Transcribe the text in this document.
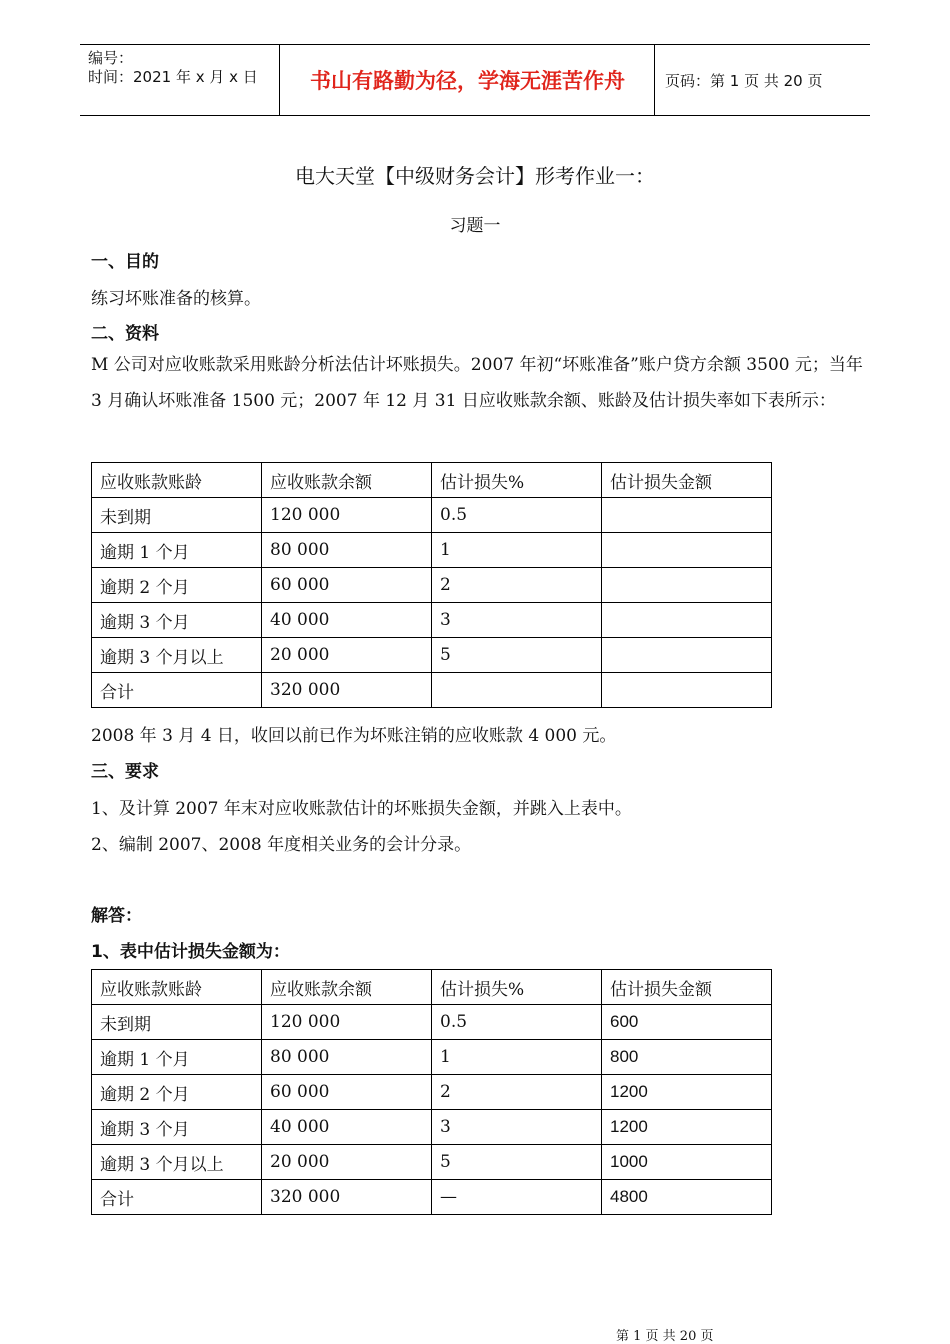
编号：
时间：2021 年 x 月 x 日	书山有路勤为径，学海无涯苦作舟	页码：第 1 页 共 20 页
电大天堂【中级财务会计】形考作业一：
习题一
一、目的
练习坏账准备的核算。
二、资料
M 公司对应收账款采用账龄分析法估计坏账损失。2007 年初“坏账准备”账户贷方余额 3500 元；当年 3 月确认坏账准备 1500 元；2007 年 12 月 31 日应收账款余额、账龄及估计损失率如下表所示：
应收账款账龄	应收账款余额	估计损失%	估计损失金额
未到期	120 000	0.5	
逾期 1 个月	80 000	1	
逾期 2 个月	60 000	2	
逾期 3 个月	40 000	3	
逾期 3 个月以上	20 000	5	
合计	320 000		
2008 年 3 月 4 日，收回以前已作为坏账注销的应收账款 4 000 元。
三、要求
1、及计算 2007 年末对应收账款估计的坏账损失金额，并跳入上表中。
2、编制 2007、2008 年度相关业务的会计分录。
解答：
1、表中估计损失金额为：
应收账款账龄	应收账款余额	估计损失%	估计损失金额
未到期	120 000	0.5	600
逾期 1 个月	80 000	1	800
逾期 2 个月	60 000	2	1200
逾期 3 个月	40 000	3	1200
逾期 3 个月以上	20 000	5	1000
合计	320 000	—	4800
第 1 页 共 20 页
